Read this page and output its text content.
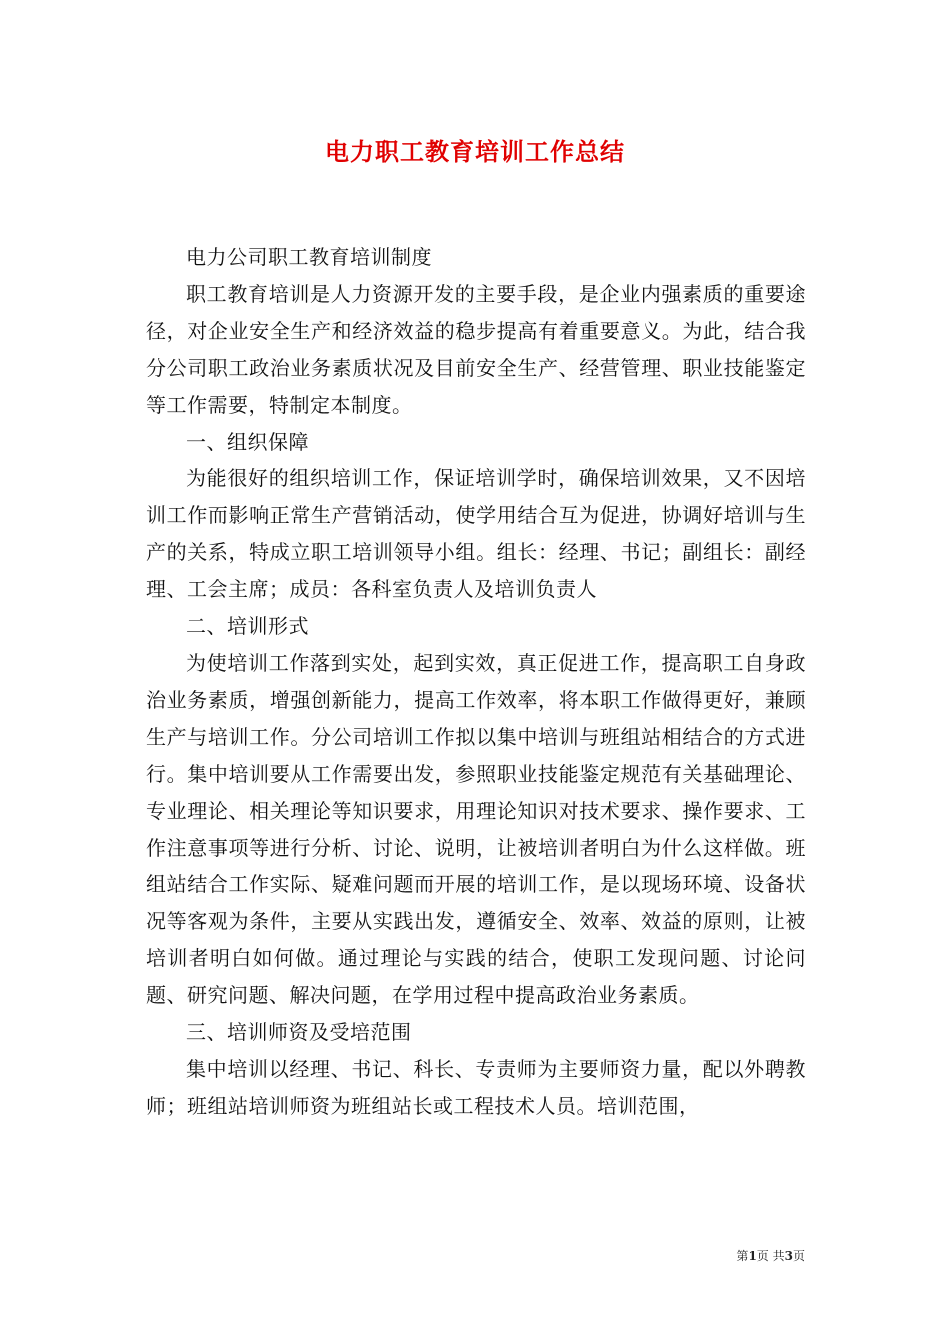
电力职工教育培训工作总结

电力公司职工教育培训制度

职工教育培训是人力资源开发的主要手段，是企业内强素质的重要途径，对企业安全生产和经济效益的稳步提高有着重要意义。为此，结合我分公司职工政治业务素质状况及目前安全生产、经营管理、职业技能鉴定等工作需要，特制定本制度。

一、组织保障

为能很好的组织培训工作，保证培训学时，确保培训效果，又不因培训工作而影响正常生产营销活动，使学用结合互为促进，协调好培训与生产的关系，特成立职工培训领导小组。组长：经理、书记；副组长：副经理、工会主席；成员：各科室负责人及培训负责人

二、培训形式

为使培训工作落到实处，起到实效，真正促进工作，提高职工自身政治业务素质，增强创新能力，提高工作效率，将本职工作做得更好，兼顾生产与培训工作。分公司培训工作拟以集中培训与班组站相结合的方式进行。集中培训要从工作需要出发，参照职业技能鉴定规范有关基础理论、专业理论、相关理论等知识要求，用理论知识对技术要求、操作要求、工作注意事项等进行分析、讨论、说明，让被培训者明白为什么这样做。班组站结合工作实际、疑难问题而开展的培训工作，是以现场环境、设备状况等客观为条件，主要从实践出发，遵循安全、效率、效益的原则，让被培训者明白如何做。通过理论与实践的结合，使职工发现问题、讨论问题、研究问题、解决问题，在学用过程中提高政治业务素质。

三、培训师资及受培范围

集中培训以经理、书记、科长、专责师为主要师资力量，配以外聘教师；班组站培训师资为班组站长或工程技术人员。培训范围，

第1页 共3页
